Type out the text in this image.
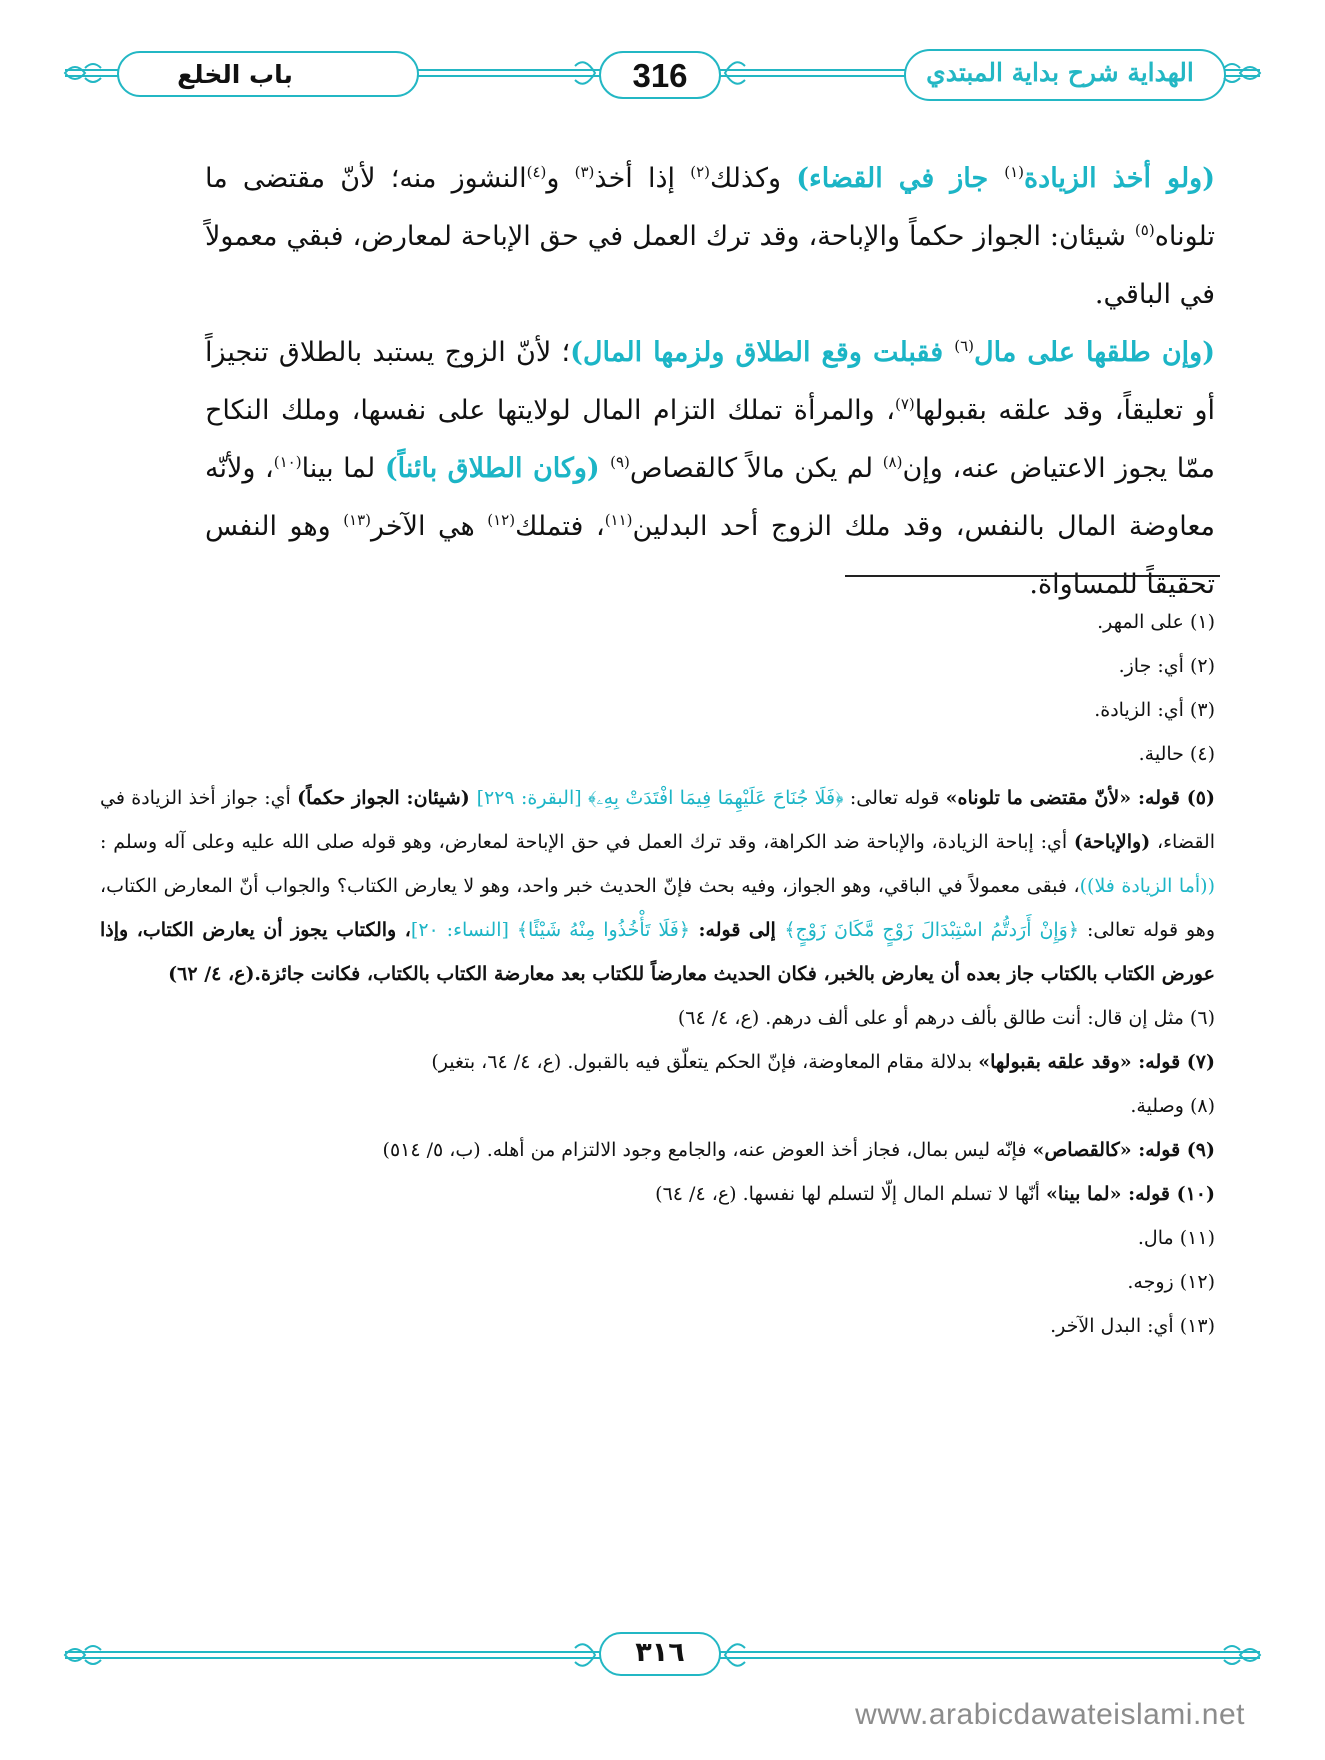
باب الخلع	316	الهداية شرح بداية المبتدي

(ولو أخذ الزيادة$^{(١)}$ جاز في القضاء) وكذلك$^{(٢)}$ إذا أخذ$^{(٣)}$ و$^{(٤)}$النشوز منه؛ لأنّ مقتضى ما تلوناه$^{(٥)}$ شيئان: الجواز حكماً والإباحة، وقد ترك العمل في حق الإباحة لمعارض، فبقي معمولاً في الباقي.

(وإن طلقها على مال$^{(٦)}$ فقبلت وقع الطلاق ولزمها المال)؛ لأنّ الزوج يستبد بالطلاق تنجيزاً أو تعليقاً، وقد علقه بقبولها$^{(٧)}$، والمرأة تملك التزام المال لولايتها على نفسها، وملك النكاح ممّا يجوز الاعتياض عنه، وإن$^{(٨)}$ لم يكن مالاً كالقصاص$^{(٩)}$ (وكان الطلاق بائناً) لما بينا$^{(١٠)}$، ولأنّه معاوضة المال بالنفس، وقد ملك الزوج أحد البدلين$^{(١١)}$، فتملك$^{(١٢)}$ هي الآخر$^{(١٣)}$ وهو النفس تحقيقاً للمساواة.

(١) على المهر.

(٢) أي: جاز.

(٣) أي: الزيادة.

(٤) حالية.

(٥) قوله: «لأنّ مقتضى ما تلوناه» قوله تعالى: ﴿فَلَا جُنَاحَ عَلَيْهِمَا فِيمَا افْتَدَتْ بِهِۦ﴾ [البقرة: ٢٢٩] (شيئان: الجواز حكماً) أي: جواز أخذ الزيادة في القضاء، (والإباحة) أي: إباحة الزيادة، والإباحة ضد الكراهة، وقد ترك العمل في حق الإباحة لمعارض، وهو قوله صلى الله عليه وعلى آله وسلم : ((أما الزيادة فلا))، فبقى معمولاً في الباقي، وهو الجواز، وفيه بحث فإنّ الحديث خبر واحد، وهو لا يعارض الكتاب؟ والجواب أنّ المعارض الكتاب، وهو قوله تعالى: ﴿وَإِنْ أَرَدتُّمُ اسْتِبْدَالَ زَوْجٍ مَّكَانَ زَوْجٍ﴾ إلى قوله: ﴿فَلَا تَأْخُذُوا مِنْهُ شَيْئًا﴾ [النساء: ٢٠]، والكتاب يجوز أن يعارض الكتاب، وإذا عورض الكتاب بالكتاب جاز بعده أن يعارض بالخبر، فكان الحديث معارضاً للكتاب بعد معارضة الكتاب بالكتاب، فكانت جائزة.(ع، ٤/ ٦٢)

(٦) مثل إن قال: أنت طالق بألف درهم أو على ألف درهم. (ع، ٤/ ٦٤)

(٧) قوله: «وقد علقه بقبولها» بدلالة مقام المعاوضة، فإنّ الحكم يتعلّق فيه بالقبول. (ع، ٤/ ٦٤، بتغير)

(٨) وصلية.

(٩) قوله: «كالقصاص» فإنّه ليس بمال، فجاز أخذ العوض عنه، والجامع وجود الالتزام من أهله. (ب، ٥/ ٥١٤)

(١٠) قوله: «لما بينا» أنّها لا تسلم المال إلّا لتسلم لها نفسها. (ع، ٤/ ٦٤)

(١١) مال.

(١٢) زوجه.

(١٣) أي: البدل الآخر.

٣١٦
www.arabicdawateislami.net
